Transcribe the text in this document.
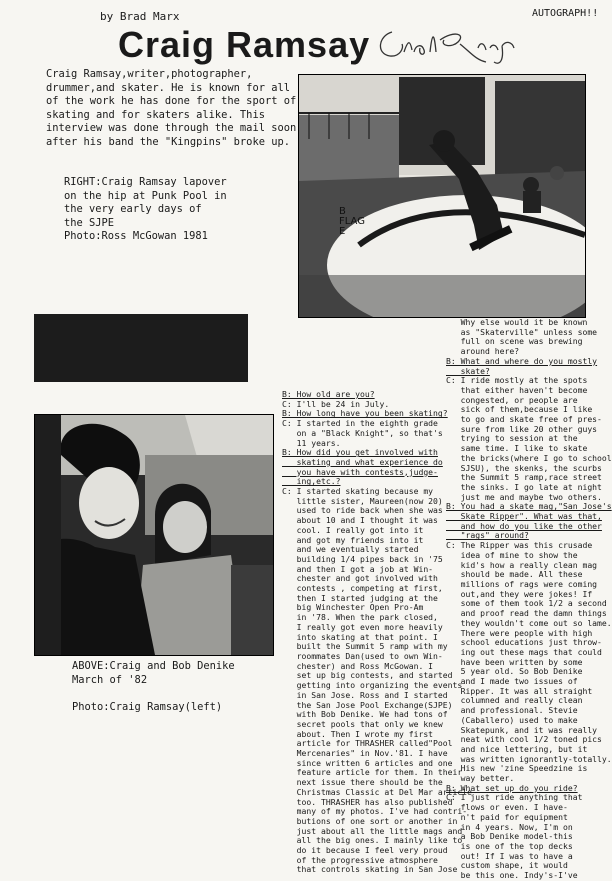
by Brad Marx	AUTOGRAPH!!
Craig Ramsay

Craig Ramsay,writer,photographer, drummer,and skater. He is known for all of the work he has done for the sport of skating and for skaters alike. This interview was done through the mail soon after his band the "Kingpins" broke up.

B
FLAG
E

RIGHT:Craig Ramsay lapover

on the hip at Punk Pool in

the very early days of

the SJPE

Photo:Ross McGowan 1981

ABOVE:Craig and Bob Denike

March of '82

Photo:Craig Ramsay(left)

B: How old are you?
C: I'll be 24 in July.
B: How long have you been skating?
C: I started in the eighth grade
on a "Black Knight", so that's
11 years.
B: How did you get involved with
skating and what experience do
you have with contests,judge-
ing,etc.?
C: I started skating because my
little sister, Maureen(now 20)
used to ride back when she was
about 10 and I thought it was
cool. I really got into it
and got my friends into it
and we eventually started
building 1/4 pipes back in '75
and then I got a job at Win-
chester and got involved with
contests , competing at first,
then I started judging at the
big Winchester Open Pro-Am
in '78. When the park closed,
I really got even more heavily
into skating at that point. I
built the Summit 5 ramp with my
roommates Dan(used to own Win-
chester) and Ross McGowan. I
set up big contests, and started
getting into organizing the events
in San Jose. Ross and I started
the San Jose Pool Exchange(SJPE)
with Bob Denike. We had tons of
secret pools that only we knew
about. Then I wrote my first
article for THRASHER called"Pool
Mercenaries" in Nov.'81. I have
since written 6 articles and one
feature article for them. In their
next issue there should be the
Christmas Classic at Del Mar article
too. THRASHER has also published
many of my photos. I've had contri-
butions of one sort or another in
just about all the little mags and
all the big ones. I mainly like to
do it because I feel very proud
of the progressive atmosphere
that controls skating in San Jose
Why else would it be known
as "Skaterville" unless some
full on scene was brewing
around here?
B: What and where do you mostly
skate?
C: I ride mostly at the spots
that either haven't become
congested, or people are
sick of them,because I like
to go and skate free of pres-
sure from like 20 other guys
trying to session at the
same time. I like to skate
the bricks(where I go to school
SJSU), the skenks, the scurbs
the Summit 5 ramp,race street
the sinks. I go late at night
just me and maybe two others.
B: You had a skate mag,"San Jose's
Skate Ripper". What was that,
and how do you like the other
"rags" around?
C: The Ripper was this crusade
idea of mine to show the
kid's how a really clean mag
should be made. All these
millions of rags were coming
out,and they were jokes! If
some of them took 1/2 a second
and proof read the damn things
they wouldn't come out so lame.
There were people with high
school educations just throw-
ing out these mags that could
have been written by some
5 year old. So Bob Denike
and I made two issues of
Ripper. It was all straight
columned and really clean
and professional. Stevie
(Caballero) used to make
Skatepunk, and it was really
neat with cool 1/2 toned pics
and nice lettering, but it
was written ignorantly-totally.
His new 'zine Speedzine is
way better.
B: What set up do you ride?
C: I just ride anything that
flows or even. I have-
n't paid for equipment
in 4 years. Now, I'm on
a Bob Denike model-this
is one of the top decks
out! If I was to have a
custom shape, it would
be this one. Indy's-I've
